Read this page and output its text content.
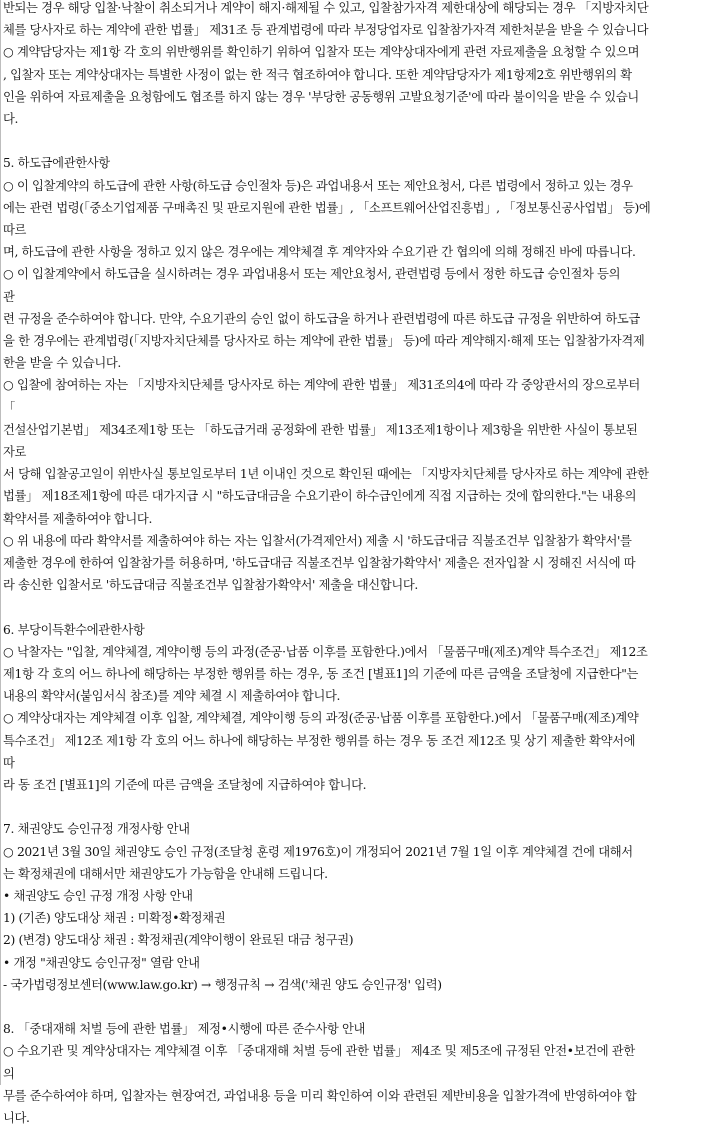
반되는 경우 해당 입찰·낙찰이 취소되거나 계약이 해지·해제될 수 있고, 입찰참가자격 제한대상에 해당되는 경우 「지방자치단
체를 당사자로 하는 계약에 관한 법률」 제31조 등 관계법령에 따라 부정당업자로 입찰참가자격 제한처분을 받을 수 있습니다
○ 계약담당자는 제1항 각 호의 위반행위를 확인하기 위하여 입찰자 또는 계약상대자에게 관련 자료제출을 요청할 수 있으며
, 입찰자 또는 계약상대자는 특별한 사정이 없는 한 적극 협조하여야 합니다. 또한 계약담당자가 제1항제2호 위반행위의 확
인을 위하여 자료제출을 요청함에도 협조를 하지 않는 경우 '부당한 공동행위 고발요청기준'에 따라 불이익을 받을 수 있습니
다.
5. 하도급에관한사항
○ 이 입찰계약의 하도급에 관한 사항(하도급 승인절차 등)은 과업내용서 또는 제안요청서, 다른 법령에서 정하고 있는 경우
에는 관련 법령(「중소기업제품 구매촉진 및 판로지원에 관한 법률」, 「소프트웨어산업진흥법」, 「정보통신공사업법」 등)에
따르
며, 하도급에 관한 사항을 정하고 있지 않은 경우에는 계약체결 후 계약자와 수요기관 간 협의에 의해 정해진 바에 따릅니다.
○ 이 입찰계약에서 하도급을 실시하려는 경우 과업내용서 또는 제안요청서, 관련법령 등에서 정한 하도급 승인절차 등의
관
련 규정을 준수하여야 합니다. 만약, 수요기관의 승인 없이 하도급을 하거나 관련법령에 따른 하도급 규정을 위반하여 하도급
을 한 경우에는 관계법령(「지방자치단체를 당사자로 하는 계약에 관한 법률」 등)에 따라 계약해지·해제 또는 입찰참가자격제
한을 받을 수 있습니다.
○ 입찰에 참여하는 자는 「지방자치단체를 당사자로 하는 계약에 관한 법률」 제31조의4에 따라 각 중앙관서의 장으로부터
「
건설산업기본법」 제34조제1항 또는 「하도급거래 공정화에 관한 법률」 제13조제1항이나 제3항을 위반한 사실이 통보된
자로
서 당해 입찰공고일이 위반사실 통보일로부터 1년 이내인 것으로 확인된 때에는 「지방자치단체를 당사자로 하는 계약에 관한
법률」 제18조제1항에 따른 대가지급 시 "하도급대금을 수요기관이 하수급인에게 직접 지급하는 것에 합의한다."는 내용의
확약서를 제출하여야 합니다.
○ 위 내용에 따라 확약서를 제출하여야 하는 자는 입찰서(가격제안서) 제출 시 '하도급대금 직불조건부 입찰참가 확약서'를
제출한 경우에 한하여 입찰참가를 허용하며, '하도급대금 직불조건부 입찰참가확약서' 제출은 전자입찰 시 정해진 서식에 따
라 송신한 입찰서로 '하도급대금 직불조건부 입찰참가확약서' 제출을 대신합니다.
6. 부당이득환수에관한사항
○ 낙찰자는 "입찰, 계약체결, 계약이행 등의 과정(준공·납품 이후를 포함한다.)에서 「물품구매(제조)계약 특수조건」 제12조
제1항 각 호의 어느 하나에 해당하는 부정한 행위를 하는 경우, 동 조건 [별표1]의 기준에 따른 금액을 조달청에 지급한다"는
내용의 확약서(붙임서식 참조)를 계약 체결 시 제출하여야 합니다.
○ 계약상대자는 계약체결 이후 입찰, 계약체결, 계약이행 등의 과정(준공·납품 이후를 포함한다.)에서 「물품구매(제조)계약
특수조건」 제12조 제1항 각 호의 어느 하나에 해당하는 부정한 행위를 하는 경우 동 조건 제12조 및 상기 제출한 확약서에
따
라 동 조건 [별표1]의 기준에 따른 금액을 조달청에 지급하여야 합니다.
7. 채권양도 승인규정 개정사항 안내
○ 2021년 3월 30일 채권양도 승인 규정(조달청 훈령 제1976호)이 개정되어 2021년 7월 1일 이후 계약체결 건에 대해서
는 확정채권에 대해서만 채권양도가 가능함을 안내해 드립니다.
• 채권양도 승인 규정 개정 사항 안내
1) (기존) 양도대상 채권 : 미확정•확정채권
2) (변경) 양도대상 채권 : 확정채권(계약이행이 완료된 대금 청구권)
• 개정 "채권양도 승인규정" 열람 안내
- 국가법령정보센터(www.law.go.kr) → 행정규칙 → 검색('채권 양도 승인규정' 입력)
8. 「중대재해 처벌 등에 관한 법률」 제정•시행에 따른 준수사항 안내
○ 수요기관 및 계약상대자는 계약체결 이후 「중대재해 처벌 등에 관한 법률」 제4조 및 제5조에 규정된 안전•보건에 관한
의
무를 준수하여야 하며, 입찰자는 현장여건, 과업내용 등을 미리 확인하여 이와 관련된 제반비용을 입찰가격에 반영하여야 합
니다.
